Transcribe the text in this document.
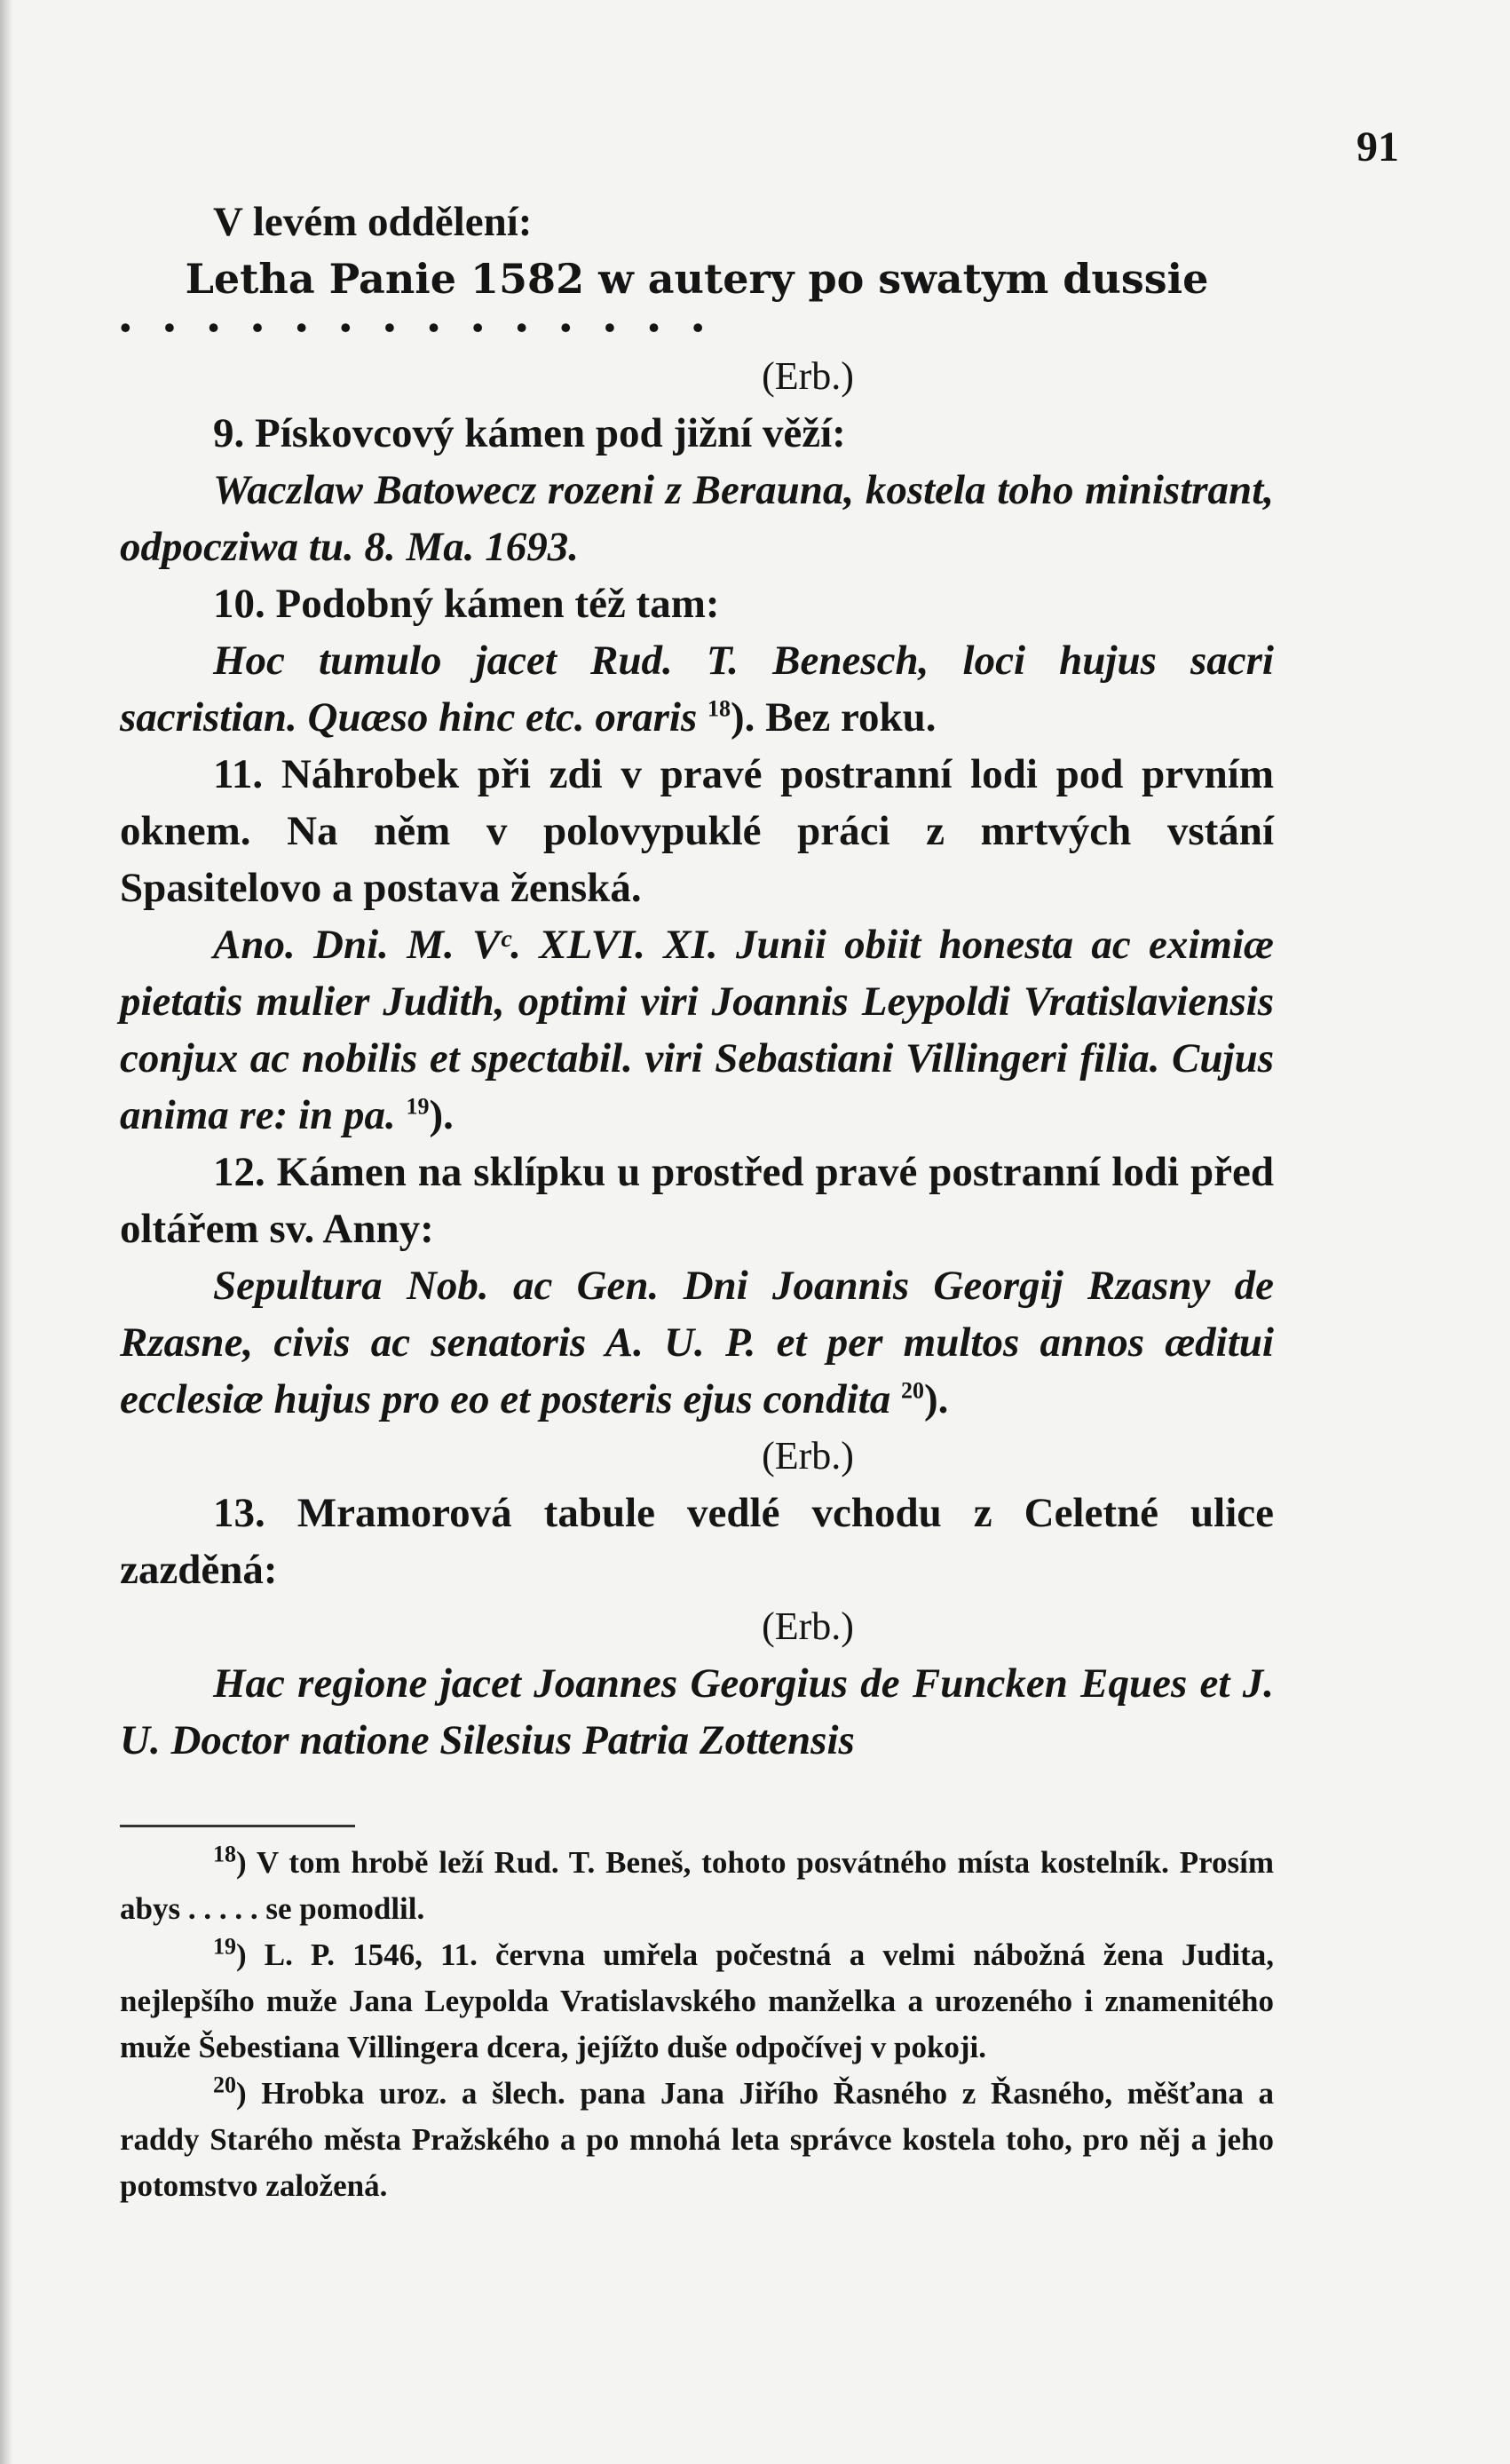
91

V levém oddělení:

Letha Panie 1582 w autery po swatym dussie

• • • • • • • • • • • • • •

(Erb.)

9. Pískovcový kámen pod jižní věží:

Waczlaw Batowecz rozeni z Berauna, kostela toho ministrant, odpocziwa tu. 8. Ma. 1693.

10. Podobný kámen též tam:

Hoc tumulo jacet Rud. T. Benesch, loci hujus sacri sacristian. Quæso hinc etc. oraris $^{18}$). Bez roku.

11. Náhrobek při zdi v pravé postranní lodi pod prvním oknem. Na něm v polovypuklé práci z mrtvých vstání Spasitelovo a postava ženská.

Ano. Dni. M. Vᶜ. XLVI. XI. Junii obiit honesta ac eximiæ pietatis mulier Judith, optimi viri Joannis Leypoldi Vratislaviensis conjux ac nobilis et spectabil. viri Sebastiani Villingeri filia. Cujus anima re: in pa. $^{19}$).

12. Kámen na sklípku u prostřed pravé postranní lodi před oltářem sv. Anny:

Sepultura Nob. ac Gen. Dni Joannis Georgij Rzasny de Rzasne, civis ac senatoris A. U. P. et per multos annos æditui ecclesiæ hujus pro eo et posteris ejus condita $^{20}$).

(Erb.)

13. Mramorová tabule vedlé vchodu z Celetné ulice zazděná:

(Erb.)

Hac regione jacet Joannes Georgius de Funcken Eques et J. U. Doctor natione Silesius Patria Zottensis

$^{18}$) V tom hrobě leží Rud. T. Beneš, tohoto posvátného místa kostelník. Prosím abys . . . . . se pomodlil.

$^{19}$) L. P. 1546, 11. června umřela počestná a velmi nábožná žena Judita, nejlepšího muže Jana Leypolda Vratislavského manželka a urozeného i znamenitého muže Šebestiana Villingera dcera, jejížto duše odpočívej v pokoji.

$^{20}$) Hrobka uroz. a šlech. pana Jana Jiřího Řasného z Řasného, měšťana a raddy Starého města Pražského a po mnohá leta správce kostela toho, pro něj a jeho potomstvo založená.
